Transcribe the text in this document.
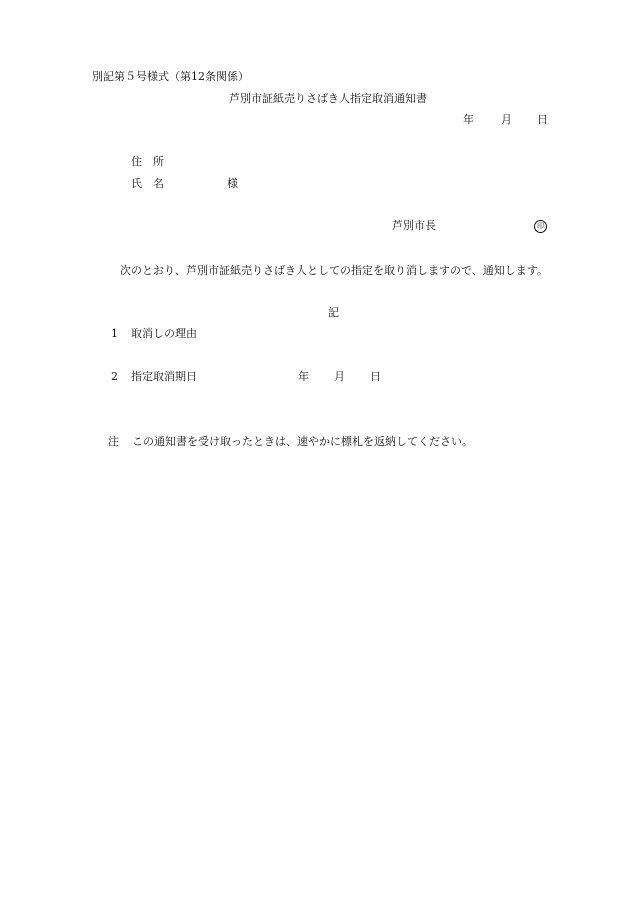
別記第５号様式（第12条関係）
芦別市証紙売りさばき人指定取消通知書
年 月 日
住　所
氏　名	様
芦別市長	印
次のとおり、芦別市証紙売りさばき人としての指定を取り消しますので、通知します。
記
1 取消しの理由
2 指定取消期日	年 月 日
注 この通知書を受け取ったときは、速やかに標札を返納してください。
